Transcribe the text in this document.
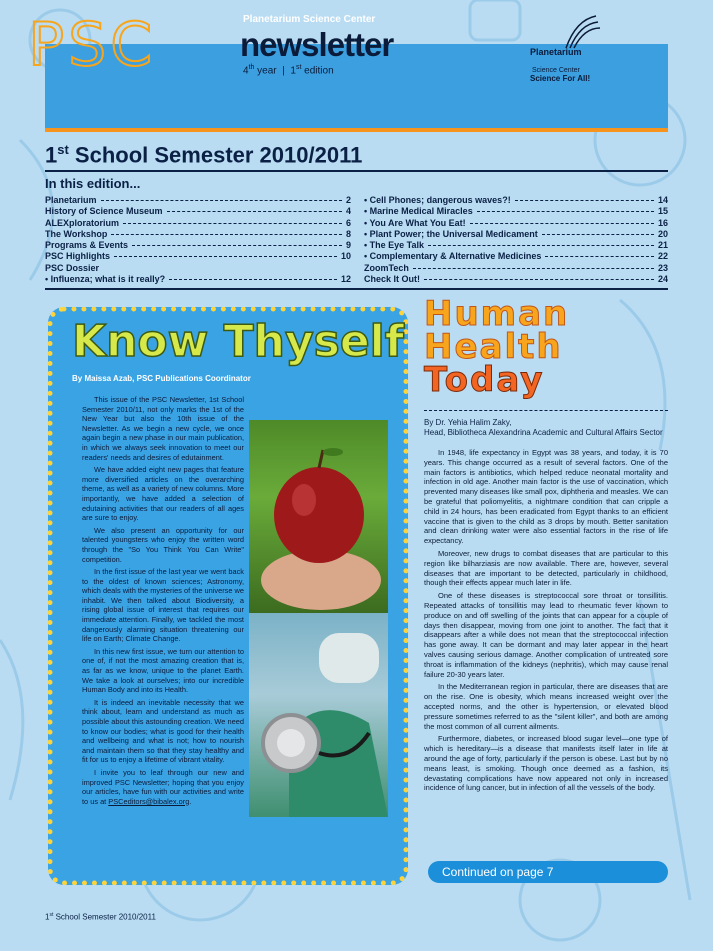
PSC	Planetarium Science Center
newsletter
4th year | 1st edition
Planetarium
Science Center
Science For All!
1st School Semester 2010/2011
In this edition...
Planetarium	2
History of Science Museum	4
ALEXploratorium	6
The Workshop	8
Programs & Events	9
PSC Highlights	10
PSC Dossier
• Influenza; what is it really?	12
• Cell Phones; dangerous waves?!	14
• Marine Medical Miracles	15
• You Are What You Eat!	16
• Plant Power; the Universal Medicament	20
• The Eye Talk	21
• Complementary & Alternative Medicines	22
ZoomTech	23
Check It Out!	24
Know Thyself
By Maissa Azab, PSC Publications Coordinator

This issue of the PSC Newsletter, 1st School Semester 2010/11, not only marks the 1st of the New Year but also the 10th issue of the Newsletter. As we begin a new cycle, we once again begin a new phase in our main publication, in which we always seek innovation to meet our readers' needs and desires of edutainment.

We have added eight new pages that feature more diversified articles on the overarching theme, as well as a variety of new columns. More importantly, we have added a selection of edutaining activities that our readers of all ages are sure to enjoy.

We also present an opportunity for our talented youngsters who enjoy the written word through the "So You Think You Can Write" competition.

In the first issue of the last year we went back to the oldest of known sciences; Astronomy, which deals with the mysteries of the universe we inhabit. We then talked about Biodiversity, a rising global issue of interest that requires our immediate attention. Finally, we tackled the most dangerously alarming situation threatening our life on Earth; Climate Change.

In this new first issue, we turn our attention to one of, if not the most amazing creation that is, as far as we know, unique to the planet Earth. We take a look at ourselves; into our incredible Human Body and into its Health.

It is indeed an inevitable necessity that we think about, learn and understand as much as possible about this astounding creation. We need to know our bodies; what is good for their health and wellbeing and what is not; how to nourish and maintain them so that they stay healthy and fit for us to enjoy a lifetime of vibrant vitality.

I invite you to leaf through our new and improved PSC Newsletter; hoping that you enjoy our articles, have fun with our activities and write to us at PSCeditors@bibalex.org.

Human
Health
Today
By Dr. Yehia Halim Zaky,
Head, Bibliotheca Alexandrina Academic and Cultural Affairs Sector

In 1948, life expectancy in Egypt was 38 years, and today, it is 70 years. This change occurred as a result of several factors. One of the main factors is antibiotics, which helped reduce neonatal mortality and infection in old age. Another main factor is the use of vaccination, which prevented many diseases like small pox, diphtheria and measles. We can be grateful that poliomyelitis, a nightmare condition that can cripple a child in 24 hours, has been eradicated from Egypt thanks to an efficient vaccine that is given to the child as 3 drops by mouth. Better sanitation and clean drinking water were also essential factors in the rise of life expectancy.

Moreover, new drugs to combat diseases that are particular to this region like bilharziasis are now available. There are, however, several diseases that are important to be detected, particularly in childhood, though their effects appear much later in life.

One of these diseases is streptococcal sore throat or tonsillitis. Repeated attacks of tonsillitis may lead to rheumatic fever known to produce on and off swelling of the joints that can appear for a couple of days then disappear, moving from one joint to another. The fact that it disappears after a while does not mean that the streptococcal infection has gone away. It can be dormant and may later appear in the heart valves causing serious damage. Another complication of untreated sore throat is inflammation of the kidneys (nephritis), which may cause renal failure 20-30 years later.

In the Mediterranean region in particular, there are diseases that are on the rise. One is obesity, which means increased weight over the accepted norms, and the other is hypertension, or elevated blood pressure sometimes referred to as the "silent killer", and both are among the most common of all current ailments.

Furthermore, diabetes, or increased blood sugar level—one type of which is hereditary—is a disease that manifests itself later in life at around the age of forty, particularly if the person is obese. Last but by no means least, is smoking. Though once deemed as a fashion, its devastating complications have now appeared not only in increased incidence of lung cancer, but in infection of all the vessels of the body.

Continued on page 7
1st School Semester 2010/2011
